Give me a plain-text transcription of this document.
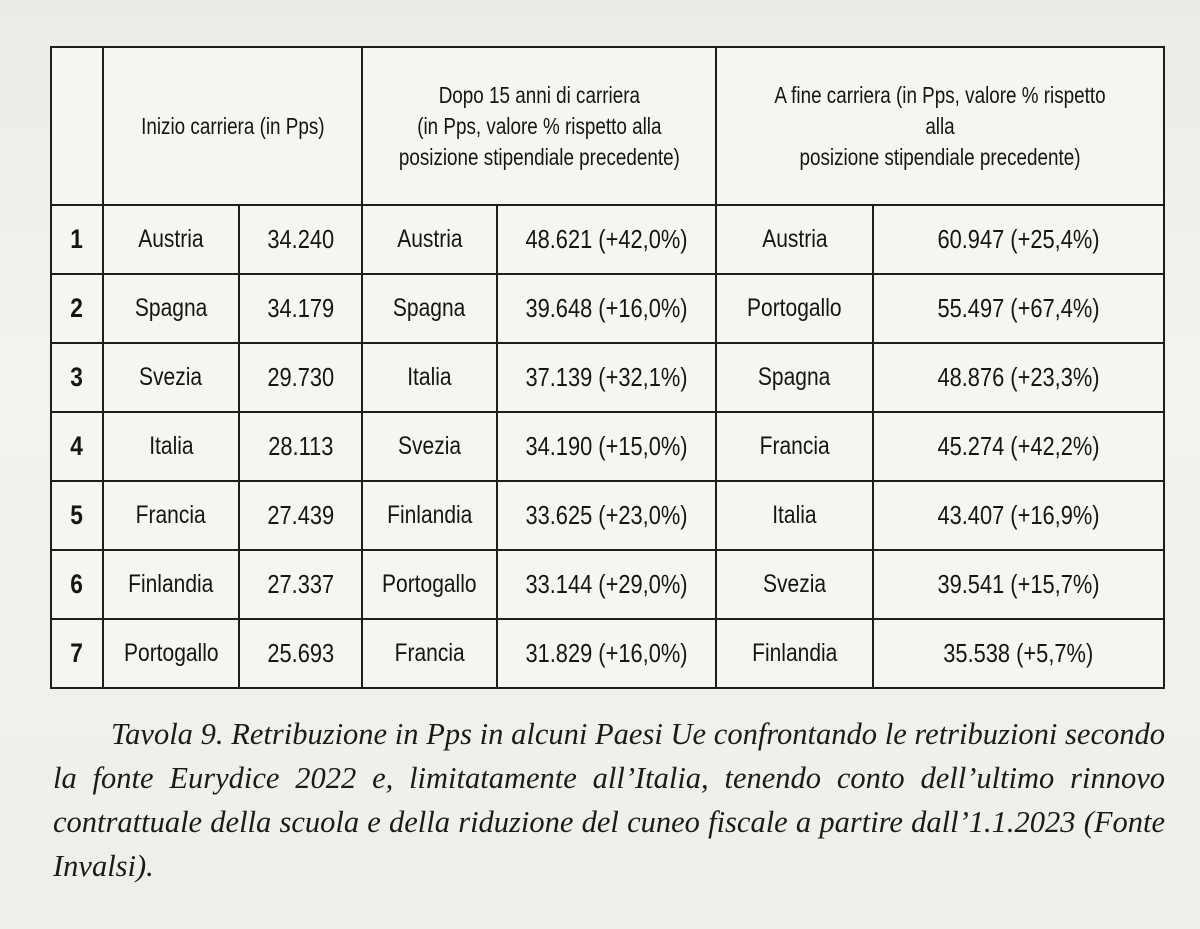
	Inizio carriera (in Pps)		Dopo 15 anni di carriera
(in Pps, valore % rispetto alla
posizione stipendiale precedente)		A fine carriera (in Pps, valore % rispetto alla
posizione stipendiale precedente)	
1	Austria	34.240	Austria	48.621 (+42,0%)	Austria	60.947 (+25,4%)
2	Spagna	34.179	Spagna	39.648 (+16,0%)	Portogallo	55.497 (+67,4%)
3	Svezia	29.730	Italia	37.139 (+32,1%)	Spagna	48.876 (+23,3%)
4	Italia	28.113	Svezia	34.190 (+15,0%)	Francia	45.274 (+42,2%)
5	Francia	27.439	Finlandia	33.625 (+23,0%)	Italia	43.407 (+16,9%)
6	Finlandia	27.337	Portogallo	33.144 (+29,0%)	Svezia	39.541 (+15,7%)
7	Portogallo	25.693	Francia	31.829 (+16,0%)	Finlandia	35.538 (+5,7%)

Tavola 9. Retribuzione in Pps in alcuni Paesi Ue confrontando le retribuzioni secondo la fonte Eurydice 2022 e, limitatamente all’Italia, tenendo conto dell’ultimo rinnovo contrattuale della scuola e della riduzione del cuneo fiscale a partire dall’1.1.2023 (Fonte Invalsi).
